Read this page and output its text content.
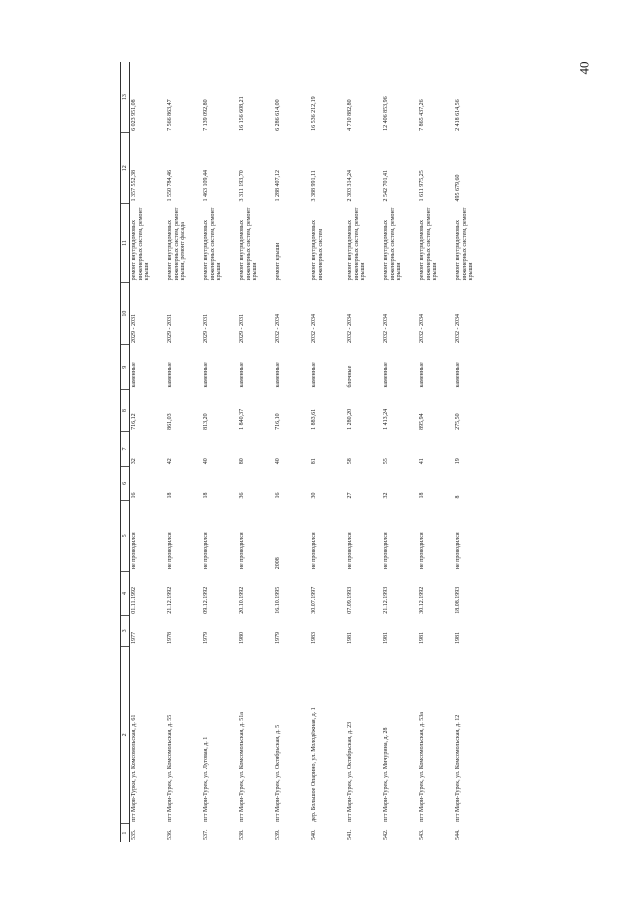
40
1	2	3	4	5	6	7	8	9	10	11	12	13
535.	пгт Марв-Турки, ул. Комсомольская, д. 61	1977	01.11.1992	не проводился	16	32	716,12	каменные	2029 - 2031	ремонт внутридомовых инженерных систем, ремонт крыши	1 357 552,38	6 023 951,08
536.	пгт Мари-Турек, ул. Комсомольская, д. 55	1978	21.12.1992	не проводился	18	42	861,03	каменные	2029 - 2031	ремонт внутридомовых инженерных систем, ремонт крыши, ремонт фасада	1 550 784,46	7 566 863,47
537.	пгт Мари-Турек, ул. Луговая, д. 1	1979	09.12.1992	не проводился	18	40	813,20	каменные	2029 - 2031	ремонт внутридомовых инженерных систем, ремонт крыши	1 463 109,44	7 139 092,80
538.	пгт Мари-Турек, ул. Комсомольская, д. 51а	1980	20.10.1992	не проводился	36	80	1 840,37	каменные	2029 - 2031	ремонт внутридомовых инженерных систем, ремонт крыши	3 311 193,70	16 156 608,21
539.	пгт Мари-Турек, ул. Октябрьская, д. 5	1979	16.10.1995	2008	16	40	716,10	каменные	2032 - 2034	ремонт крыши	1 288 407,12	6 286 614,00
540.	дер. Большое Опарино, ул. Молодёжная, д. 1	1983	30.07.1997	не проводился	30	81	1 883,61	каменные	2032 - 2034	ремонт внутридомовых инженерных систем	3 388 991,11	16 536 212,19
541.	пгт Мари-Турек, ул. Октябрьская, д. 23	1981	07.09.1993	не проводился	27	58	1 280,20	блочные	2032 - 2034	ремонт внутридомовых инженерных систем, ремонт крыши	2 303 314,24	4 710 882,80
542.	пгт Мари-Турек, ул. Мичурина, д. 28	1981	21.12.1993	не проводился	32	55	1 413,24	каменные	2032 - 2034	ремонт внутридомовых инженерных систем, ремонт крыши	2 542 701,41	12 406 853,96
543.	пгт Мари-Турек, ул. Комсомольская, д. 53а	1981	30.12.1992	не проводился	18	41	895,94	каменные	2032 - 2034	ремонт внутридомовых инженерных систем, ремонт крыши	1 611 975,25	7 865 437,26
544.	пгт Мари-Турек, ул. Комсомольская, д. 12	1981	18.08.1993	не проводился	8	19	275,50	каменные	2032 - 2034	ремонт внутридомовых инженерных систем, ремонт крыши	495 679,60	2 418 614,56
